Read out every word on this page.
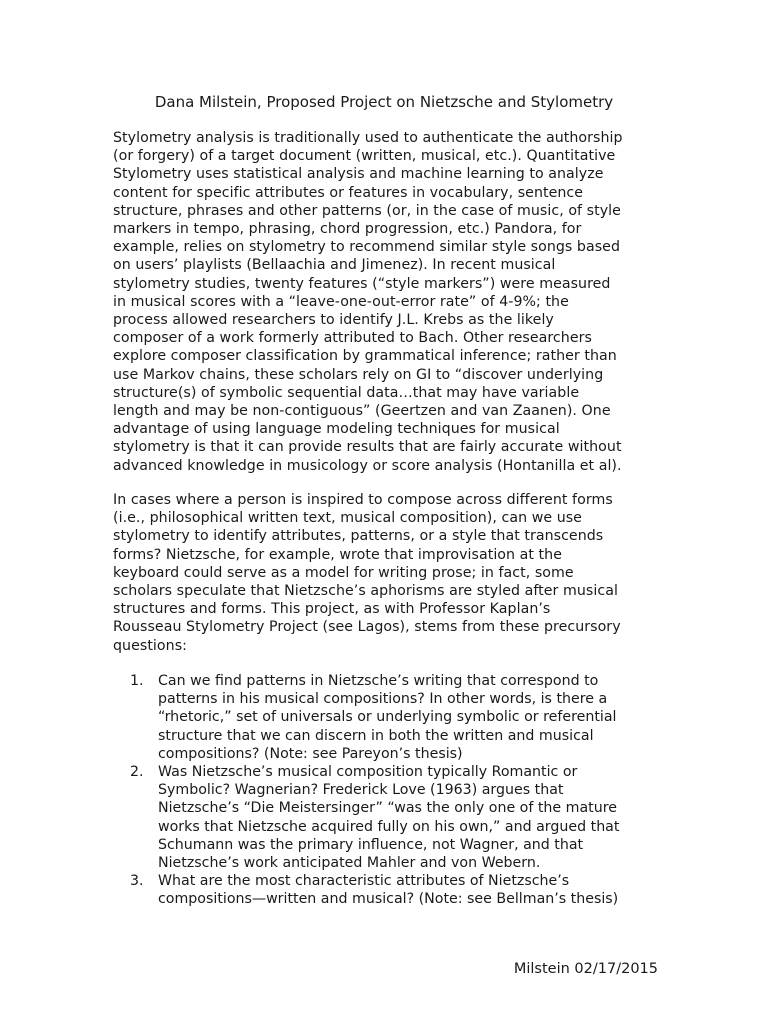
Dana Milstein, Proposed Project on Nietzsche and Stylometry

Stylometry analysis is traditionally used to authenticate the authorship
(or forgery) of a target document (written, musical, etc.). Quantitative
Stylometry uses statistical analysis and machine learning to analyze
content for specific attributes or features in vocabulary, sentence
structure, phrases and other patterns (or, in the case of music, of style
markers in tempo, phrasing, chord progression, etc.) Pandora, for
example, relies on stylometry to recommend similar style songs based
on users’ playlists (Bellaachia and Jimenez). In recent musical
stylometry studies, twenty features (“style markers”) were measured
in musical scores with a “leave-one-out-error rate” of 4-9%; the
process allowed researchers to identify J.L. Krebs as the likely
composer of a work formerly attributed to Bach. Other researchers
explore composer classification by grammatical inference; rather than
use Markov chains, these scholars rely on GI to “discover underlying
structure(s) of symbolic sequential data…that may have variable
length and may be non-contiguous” (Geertzen and van Zaanen). One
advantage of using language modeling techniques for musical
stylometry is that it can provide results that are fairly accurate without
advanced knowledge in musicology or score analysis (Hontanilla et al).

In cases where a person is inspired to compose across different forms
(i.e., philosophical written text, musical composition), can we use
stylometry to identify attributes, patterns, or a style that transcends
forms? Nietzsche, for example, wrote that improvisation at the
keyboard could serve as a model for writing prose; in fact, some
scholars speculate that Nietzsche’s aphorisms are styled after musical
structures and forms. This project, as with Professor Kaplan’s
Rousseau Stylometry Project (see Lagos), stems from these precursory
questions:

1.	Can we find patterns in Nietzsche’s writing that correspond to
patterns in his musical compositions? In other words, is there a
“rhetoric,” set of universals or underlying symbolic or referential
structure that we can discern in both the written and musical
compositions? (Note: see Pareyon’s thesis)
2.	Was Nietzsche’s musical composition typically Romantic or
Symbolic? Wagnerian? Frederick Love (1963) argues that
Nietzsche’s “Die Meistersinger” “was the only one of the mature
works that Nietzsche acquired fully on his own,” and argued that
Schumann was the primary influence, not Wagner, and that
Nietzsche’s work anticipated Mahler and von Webern.
3.	What are the most characteristic attributes of Nietzsche’s
compositions—written and musical? (Note: see Bellman’s thesis)
Milstein 02/17/2015
